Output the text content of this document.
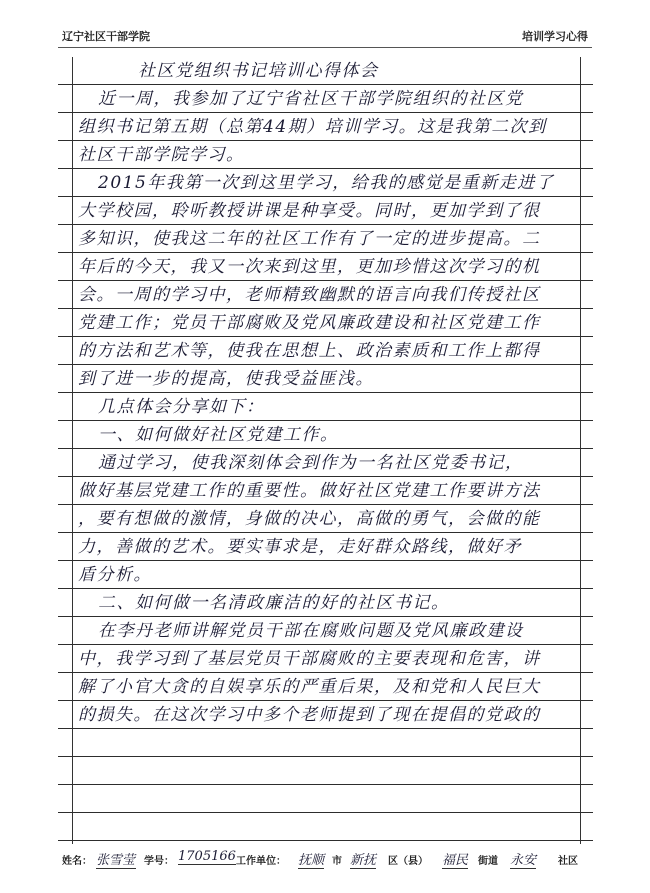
辽宁社区干部学院	培训学习心得
社区党组织书记培训心得体会
近一周，我参加了辽宁省社区干部学院组织的社区党
组织书记第五期（总第44期）培训学习。这是我第二次到
社区干部学院学习。
2015年我第一次到这里学习，给我的感觉是重新走进了
大学校园，聆听教授讲课是种享受。同时，更加学到了很
多知识，使我这二年的社区工作有了一定的进步提高。二
年后的今天，我又一次来到这里，更加珍惜这次学习的机
会。一周的学习中，老师精致幽默的语言向我们传授社区
党建工作；党员干部腐败及党风廉政建设和社区党建工作
的方法和艺术等，使我在思想上、政治素质和工作上都得
到了进一步的提高，使我受益匪浅。
几点体会分享如下：
一、如何做好社区党建工作。
通过学习，使我深刻体会到作为一名社区党委书记，
做好基层党建工作的重要性。做好社区党建工作要讲方法
，要有想做的激情，身做的决心，高做的勇气，会做的能
力，善做的艺术。要实事求是，走好群众路线，做好矛
盾分析。
二、如何做一名清政廉洁的好的社区书记。
在李丹老师讲解党员干部在腐败问题及党风廉政建设
中，我学习到了基层党员干部腐败的主要表现和危害，讲
解了小官大贪的自娱享乐的严重后果，及和党和人民巨大
的损失。在这次学习中多个老师提到了现在提倡的党政的
姓名： 张雪莹 学号： 1705166 工作单位： 抚顺 市 新抚 区（县） 福民 街道 永安 社区
